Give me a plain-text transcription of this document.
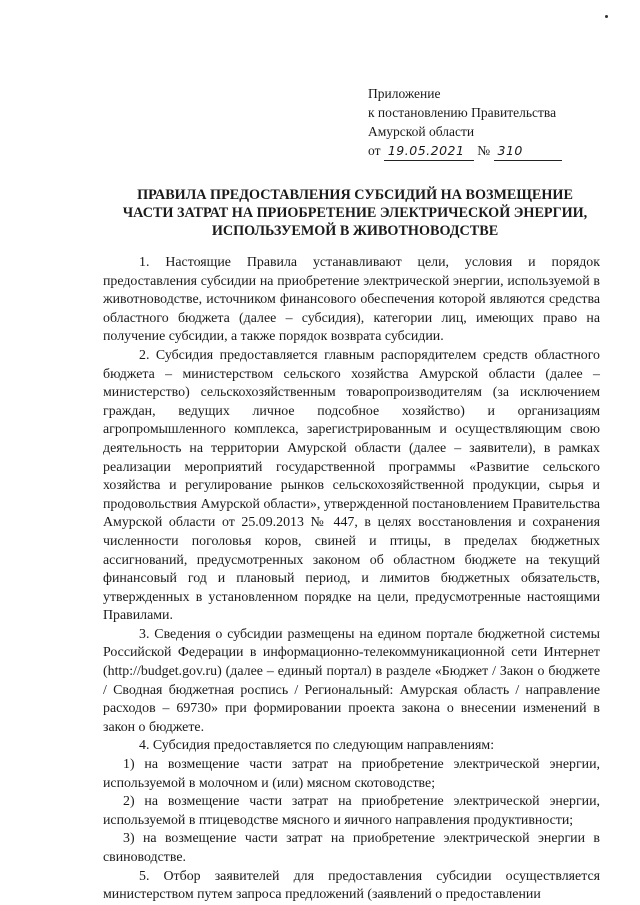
Приложение
к постановлению Правительства
Амурской области
от 19.05.2021 № 310
ПРАВИЛА ПРЕДОСТАВЛЕНИЯ СУБСИДИЙ НА ВОЗМЕЩЕНИЕ
ЧАСТИ ЗАТРАТ НА ПРИОБРЕТЕНИЕ ЭЛЕКТРИЧЕСКОЙ ЭНЕРГИИ,
ИСПОЛЬЗУЕМОЙ В ЖИВОТНОВОДСТВЕ

1. Настоящие Правила устанавливают цели, условия и порядок предоставления субсидии на приобретение электрической энергии, используемой в животноводстве, источником финансового обеспечения которой являются средства областного бюджета (далее – субсидия), категории лиц, имеющих право на получение субсидии, а также порядок возврата субсидии.

2. Субсидия предоставляется главным распорядителем средств областного бюджета – министерством сельского хозяйства Амурской области (далее – министерство) сельскохозяйственным товаропроизводителям (за исключением граждан, ведущих личное подсобное хозяйство) и организациям агропромышленного комплекса, зарегистрированным и осуществляющим свою деятельность на территории Амурской области (далее – заявители), в рамках реализации мероприятий государственной программы «Развитие сельского хозяйства и регулирование рынков сельскохозяйственной продукции, сырья и продовольствия Амурской области», утвержденной постановлением Правительства Амурской области от 25.09.2013 № 447, в целях восстановления и сохранения численности поголовья коров, свиней и птицы, в пределах бюджетных ассигнований, предусмотренных законом об областном бюджете на текущий финансовый год и плановый период, и лимитов бюджетных обязательств, утвержденных в установленном порядке на цели, предусмотренные настоящими Правилами.

3. Сведения о субсидии размещены на едином портале бюджетной системы Российской Федерации в информационно-телекоммуникационной сети Интернет (http://budget.gov.ru) (далее – единый портал) в разделе «Бюджет / Закон о бюджете / Сводная бюджетная роспись / Региональный: Амурская область / направление расходов – 69730» при формировании проекта закона о внесении изменений в закон о бюджете.

4. Субсидия предоставляется по следующим направлениям:

1) на возмещение части затрат на приобретение электрической энергии, используемой в молочном и (или) мясном скотоводстве;

2) на возмещение части затрат на приобретение электрической энергии, используемой в птицеводстве мясного и яичного направления продуктивности;

3) на возмещение части затрат на приобретение электрической энергии в свиноводстве.

5. Отбор заявителей для предоставления субсидии осуществляется министерством путем запроса предложений (заявлений о предоставлении
